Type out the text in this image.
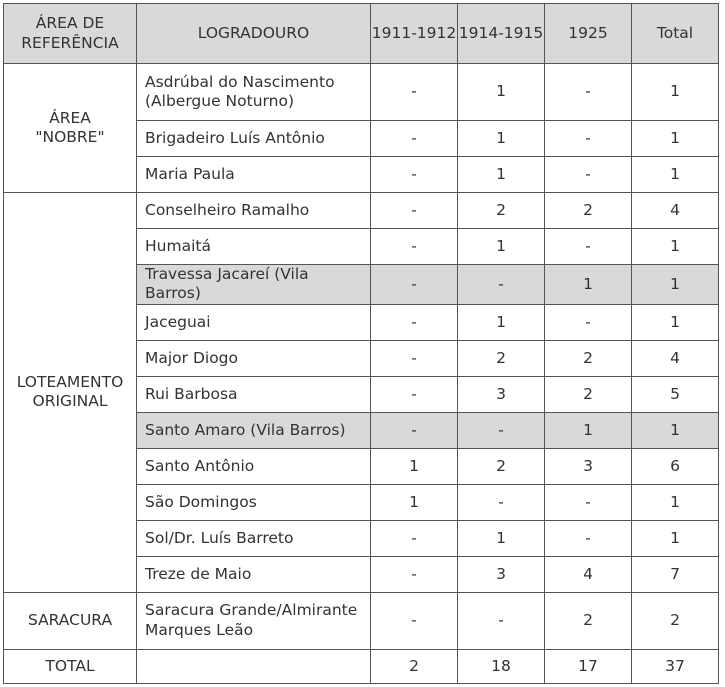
ÁREA DE REFERÊNCIA	LOGRADOURO	1911-1912	1914-1915	1925	Total
ÁREA "NOBRE"	Asdrúbal do Nascimento (Albergue Noturno)	-	1	-	1
	Brigadeiro Luís Antônio	-	1	-	1
	Maria Paula	-	1	-	1
LOTEAMENTO ORIGINAL	Conselheiro Ramalho	-	2	2	4
	Humaitá	-	1	-	1
	Travessa Jacareí (Vila Barros)	-	-	1	1
	Jaceguai	-	1	-	1
	Major Diogo	-	2	2	4
	Rui Barbosa	-	3	2	5
	Santo Amaro (Vila Barros)	-	-	1	1
	Santo Antônio	1	2	3	6
	São Domingos	1	-	-	1
	Sol/Dr. Luís Barreto	-	1	-	1
	Treze de Maio	-	3	4	7
SARACURA	Saracura Grande/Almirante Marques Leão	-	-	2	2
TOTAL		2	18	17	37
